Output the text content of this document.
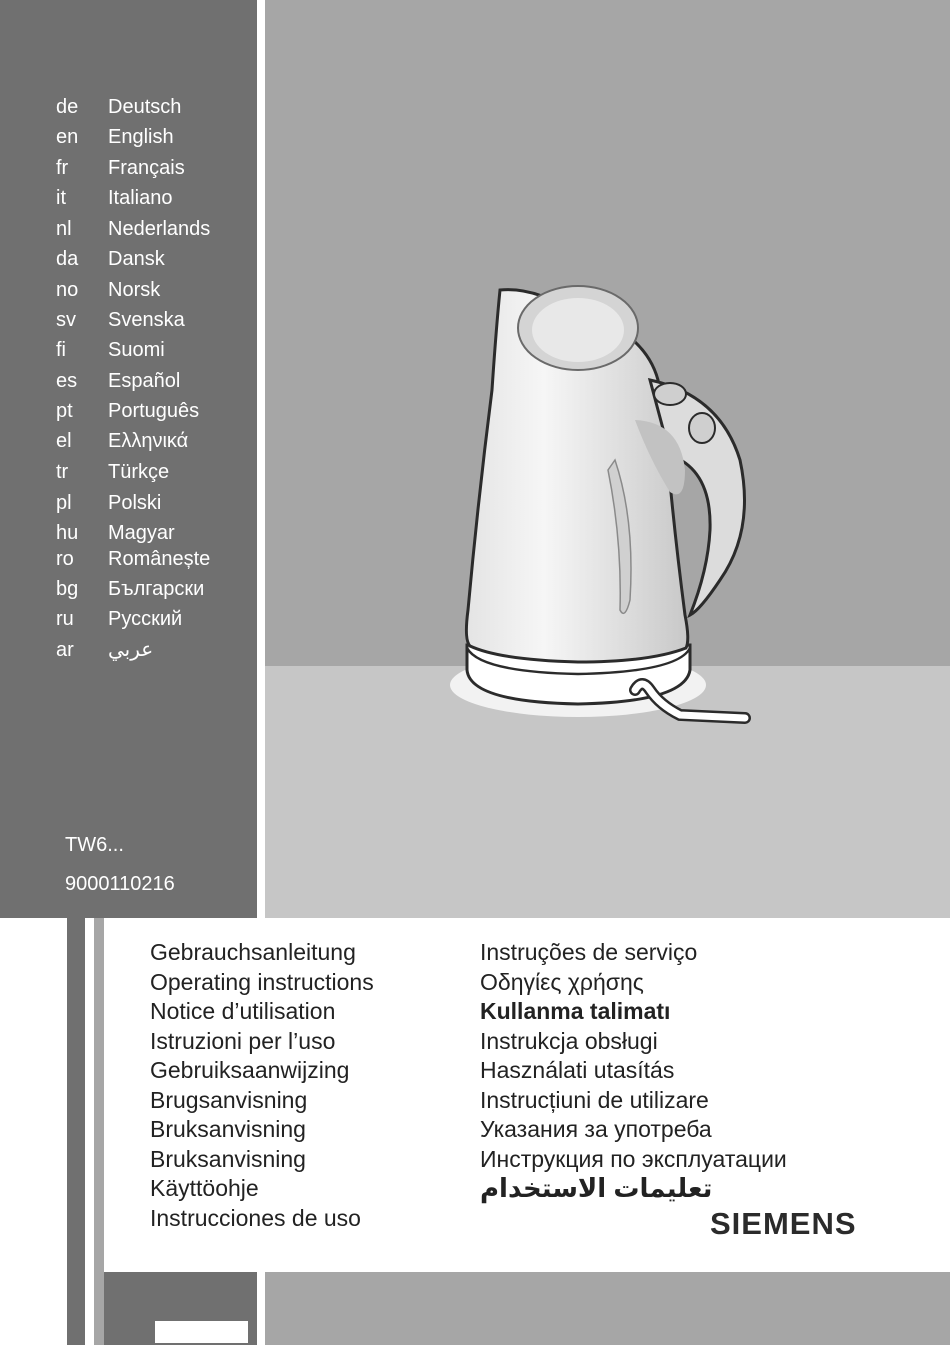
de Deutsch
en English
fr Français
it Italiano
nl Nederlands
da Dansk
no Norsk
sv Svenska
fi Suomi
es Español
pt Português
el Ελληνικά
tr Türkçe
pl Polski
hu Magyar
ro Românește
bg Български
ru Русский
ar عربي
TW6...
9000110216
Gebrauchsanleitung
Operating instructions
Notice d’utilisation
Istruzioni per l’uso
Gebruiksaanwijzing
Brugsanvisning
Bruksanvisning
Bruksanvisning
Käyttöohje
Instrucciones de uso
Instruções de serviço
Οδηγίες χρήσης
Kullanma talimatı
Instrukcja obsługi
Használati utasítás
Instrucțiuni de utilizare
Указания за употреба
Инструкция по эксплуатации
تعليمات الاستخدام
SIEMENS
